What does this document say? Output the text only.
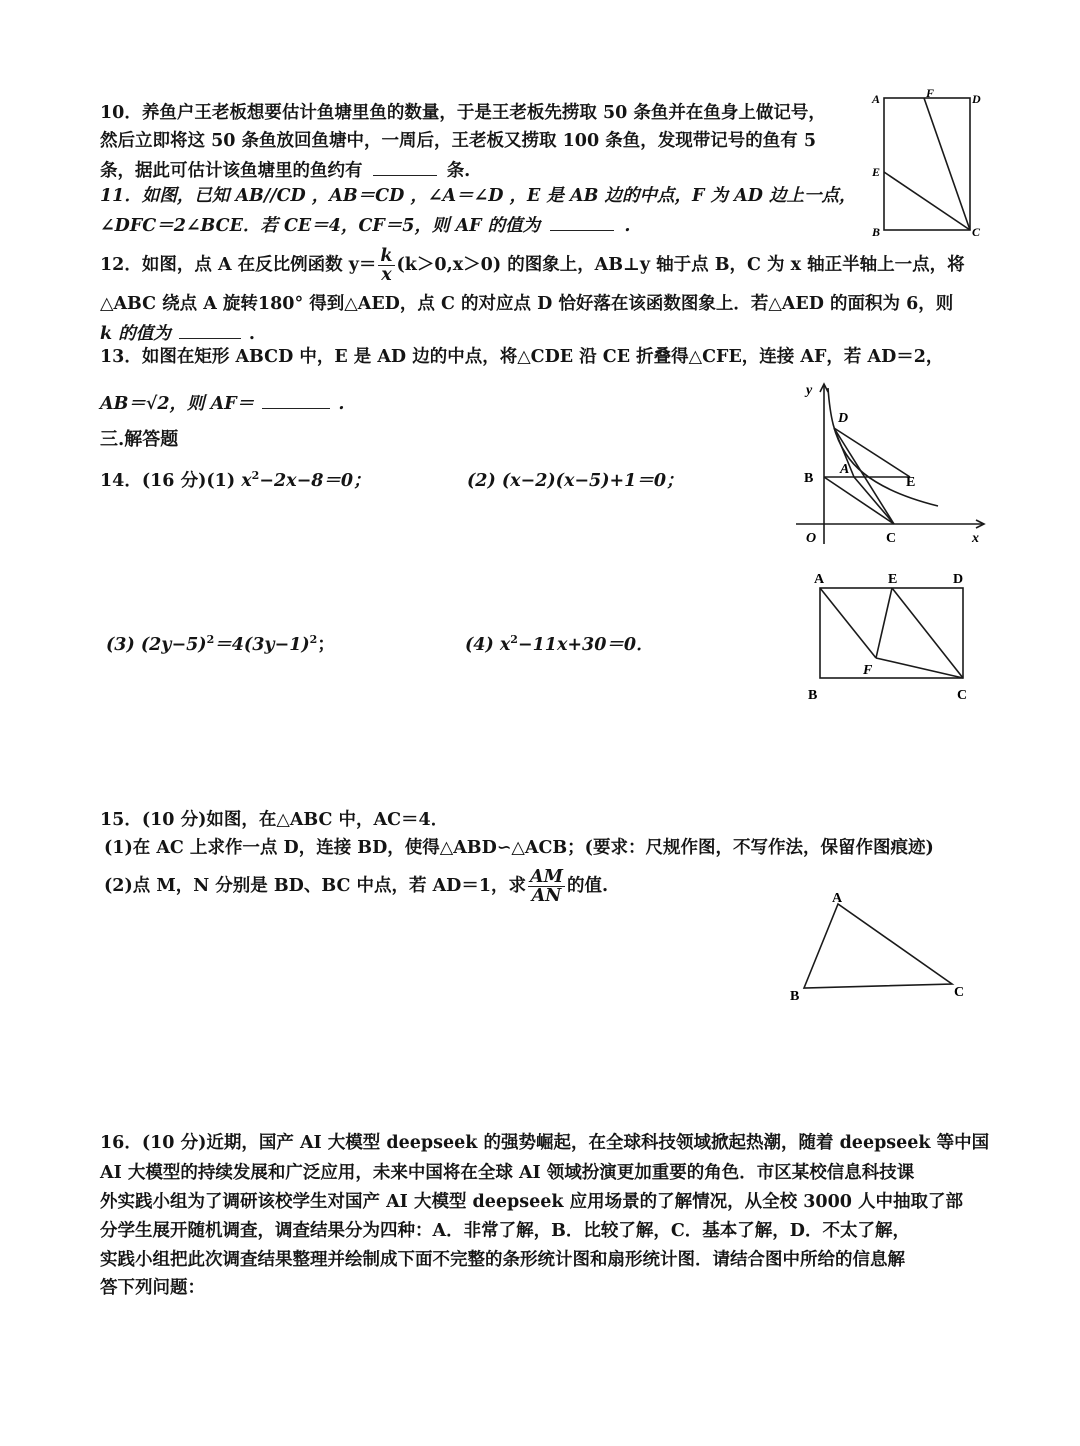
10．养鱼户王老板想要估计鱼塘里鱼的数量，于是王老板先捞取 50 条鱼并在鱼身上做记号，
然后立即将这 50 条鱼放回鱼塘中，一周后，王老板又捞取 100 条鱼，发现带记号的鱼有 5
条，据此可估计该鱼塘里的鱼约有	条.
11．如图，已知 AB//CD ，AB＝CD ，∠A＝∠D ，E 是 AB 边的中点，F 为 AD 边上一点，
∠DFC＝2∠BCE．若 CE＝4，CF＝5，则 AF 的值为	.
12．如图，点 A 在反比例函数 $y= \frac{k}{x} (k>0,x>0)$ 的图象上，AB⊥y 轴于点 B，C 为 x 轴正半轴上一点，将
△ABC 绕点 A 旋转180° 得到△AED，点 C 的对应点 D 恰好落在该函数图象上．若△AED 的面积为 6，则
k 的值为	.
13．如图在矩形 ABCD 中，E 是 AD 边的中点，将△CDE 沿 CE 折叠得△CFE，连接 AF，若 AD＝2，
AB＝√2，则 AF＝	.
三.解答题
14．(16 分)(1) $x^2-2x-8=0$；	(2) (x−2)(x−5)+1＝0；
(3) $(2y-5)^2=4(3y-1)^2$；	(4) $x^2-11x+30=0$．
15．(10 分)如图，在△ABC 中，AC＝4．
(1)在 AC 上求作一点 D，连接 BD，使得△ABD∽△ACB；(要求：尺规作图，不写作法，保留作图痕迹)
(2)点 M，N 分别是 BD、BC 中点，若 AD＝1，求 $\frac{AM}{AN}$ 的值.
16．(10 分)近期，国产 AI 大模型 deepseek 的强势崛起，在全球科技领域掀起热潮，随着 deepseek 等中国
AI 大模型的持续发展和广泛应用，未来中国将在全球 AI 领域扮演更加重要的角色．市区某校信息科技课
外实践小组为了调研该校学生对国产 AI 大模型 deepseek 应用场景的了解情况，从全校 3000 人中抽取了部
分学生展开随机调查，调查结果分为四种：A．非常了解，B．比较了解，C．基本了解，D．不太了解，
实践小组把此次调查结果整理并绘制成下面不完整的条形统计图和扇形统计图．请结合图中所给的信息解
答下列问题：
A	F	D
E
B	C
y
D
A
B	E
O	C	x
A	E	D
F
B	C
A
B	C
